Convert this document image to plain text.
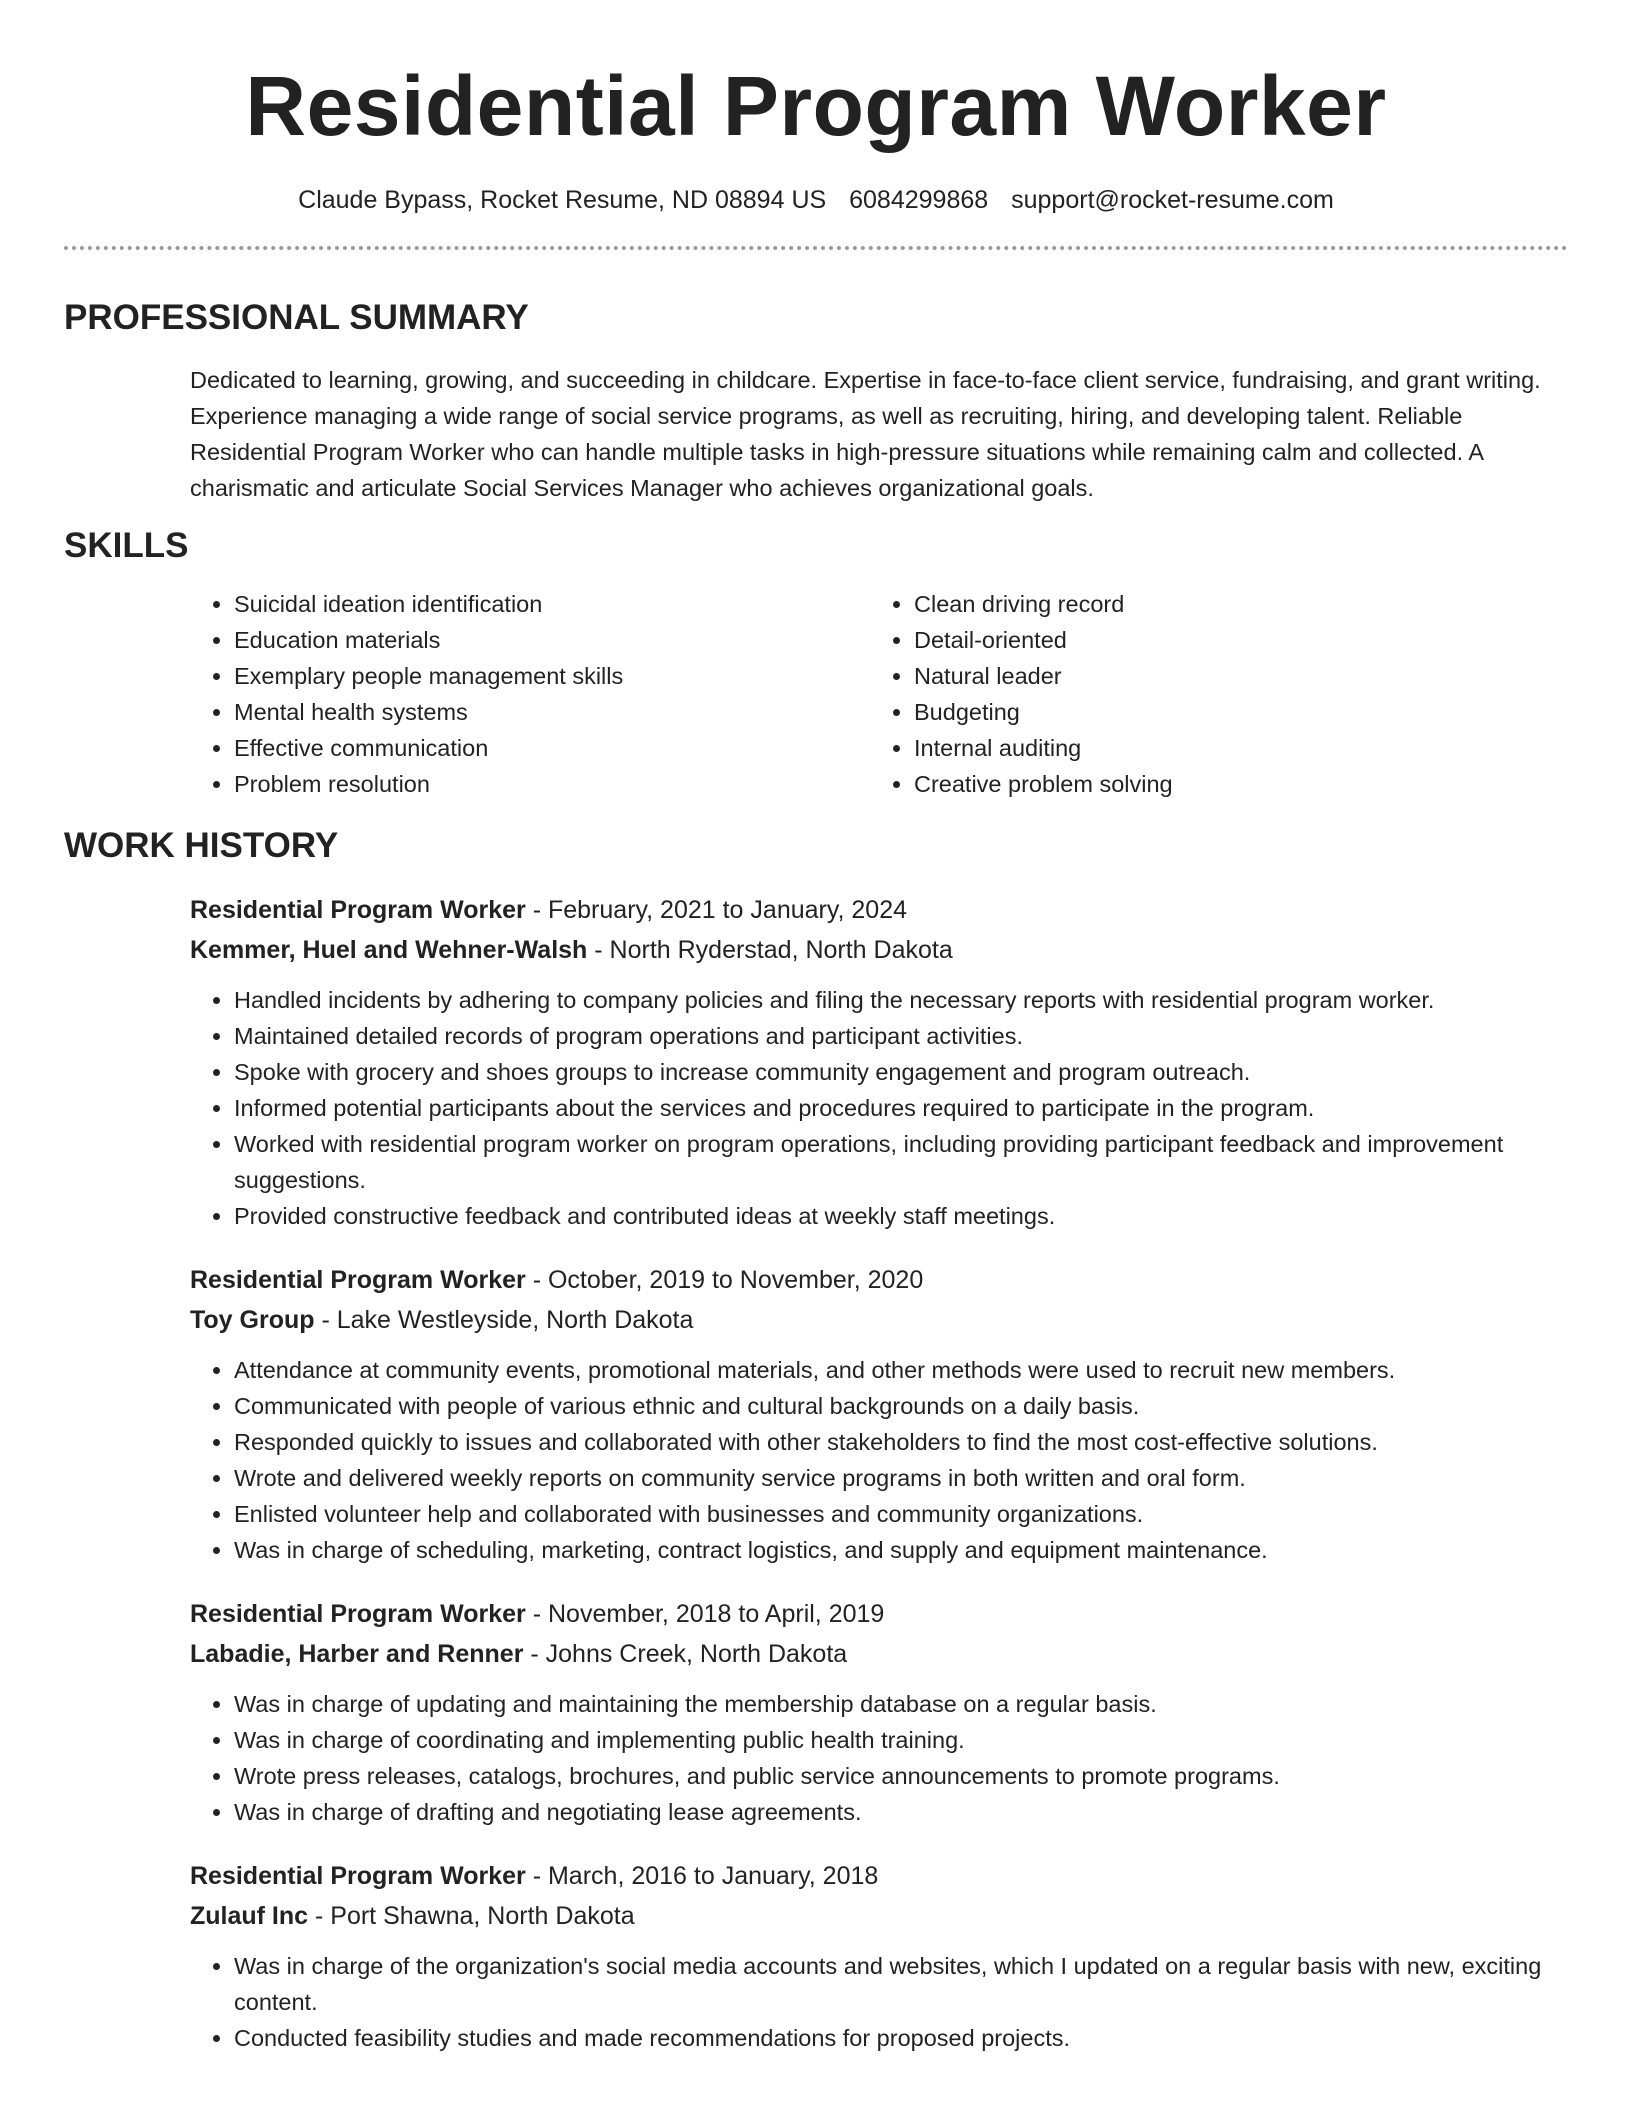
Residential Program Worker
Claude Bypass, Rocket Resume, ND 08894 US 6084299868 support@rocket-resume.com
PROFESSIONAL SUMMARY
Dedicated to learning, growing, and succeeding in childcare. Expertise in face-to-face client service, fundraising, and grant writing. Experience managing a wide range of social service programs, as well as recruiting, hiring, and developing talent. Reliable Residential Program Worker who can handle multiple tasks in high-pressure situations while remaining calm and collected. A charismatic and articulate Social Services Manager who achieves organizational goals.
SKILLS
• Suicidal ideation identification
• Education materials
• Exemplary people management skills
• Mental health systems
• Effective communication
• Problem resolution
• Clean driving record
• Detail-oriented
• Natural leader
• Budgeting
• Internal auditing
• Creative problem solving
WORK HISTORY
Residential Program Worker - February, 2021 to January, 2024
Kemmer, Huel and Wehner-Walsh - North Ryderstad, North Dakota
• Handled incidents by adhering to company policies and filing the necessary reports with residential program worker.
• Maintained detailed records of program operations and participant activities.
• Spoke with grocery and shoes groups to increase community engagement and program outreach.
• Informed potential participants about the services and procedures required to participate in the program.
• Worked with residential program worker on program operations, including providing participant feedback and improvement suggestions.
• Provided constructive feedback and contributed ideas at weekly staff meetings.
Residential Program Worker - October, 2019 to November, 2020
Toy Group - Lake Westleyside, North Dakota
• Attendance at community events, promotional materials, and other methods were used to recruit new members.
• Communicated with people of various ethnic and cultural backgrounds on a daily basis.
• Responded quickly to issues and collaborated with other stakeholders to find the most cost-effective solutions.
• Wrote and delivered weekly reports on community service programs in both written and oral form.
• Enlisted volunteer help and collaborated with businesses and community organizations.
• Was in charge of scheduling, marketing, contract logistics, and supply and equipment maintenance.
Residential Program Worker - November, 2018 to April, 2019
Labadie, Harber and Renner - Johns Creek, North Dakota
• Was in charge of updating and maintaining the membership database on a regular basis.
• Was in charge of coordinating and implementing public health training.
• Wrote press releases, catalogs, brochures, and public service announcements to promote programs.
• Was in charge of drafting and negotiating lease agreements.
Residential Program Worker - March, 2016 to January, 2018
Zulauf Inc - Port Shawna, North Dakota
• Was in charge of the organization's social media accounts and websites, which I updated on a regular basis with new, exciting content.
• Conducted feasibility studies and made recommendations for proposed projects.
